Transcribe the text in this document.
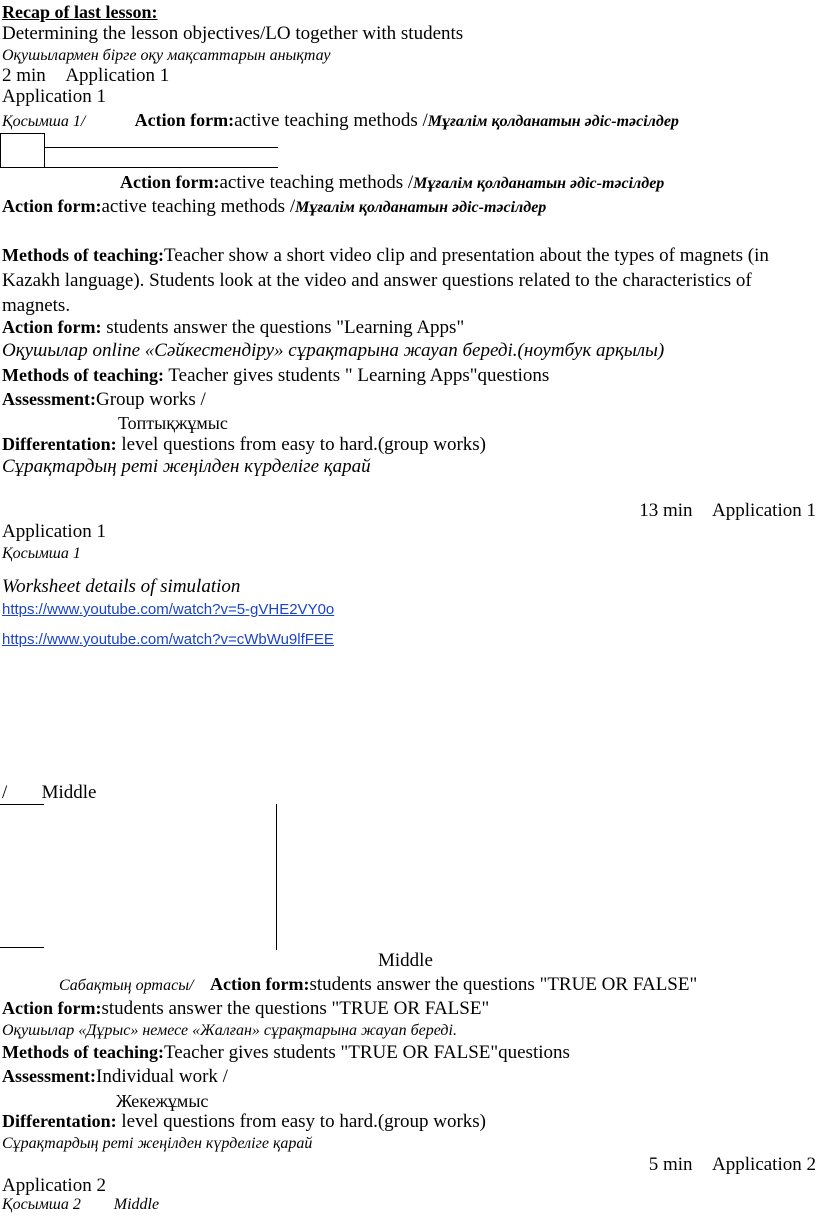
Recap of last lesson:
Determining the lesson objectives/LO together with students
Оқушылармен бірге оқу мақсаттарын анықтау
2 min Application 1
Application 1
Қосымша 1/ Action form:active teaching methods /Мұғалім қолданатын әдіс-тәсілдер
Action form:active teaching methods /Мұғалім қолданатын әдіс-тәсілдер
Action form:active teaching methods /Мұғалім қолданатын әдіс-тәсілдер
Methods of teaching:Teacher show a short video clip and presentation about the types of magnets (in Kazakh language). Students look at the video and answer questions related to the characteristics of magnets.
Action form: students answer the questions "Learning Apps"
Оқушылар online «Сәйкестендіру» сұрақтарына жауап береді.(ноутбук арқылы)
Methods of teaching: Teacher gives students " Learning Apps"questions
Assessment:Group works /
Топтықжұмыс
Differentation: level questions from easy to hard.(group works)
Сұрақтардың реті жеңілден күрделіге қарай
13 min Application 1
Application 1
Қосымша 1
Worksheet details of simulation
https://www.youtube.com/watch?v=5-gVHE2VY0o
https://www.youtube.com/watch?v=cWbWu9lfFEE
/ Middle
Middle
Сабақтың ортасы/ Action form:students answer the questions "TRUE OR FALSE"
Action form:students answer the questions "TRUE OR FALSE"
Оқушылар «Дұрыс» немесе «Жалған» сұрақтарына жауап береді.
Methods of teaching:Teacher gives students "TRUE OR FALSE"questions
Assessment:Individual work /
Жекежұмыс
Differentation: level questions from easy to hard.(group works)
Сұрақтардың реті жеңілден күрделіге қарай
5 min Application 2
Application 2
Қосымша 2 Middle
